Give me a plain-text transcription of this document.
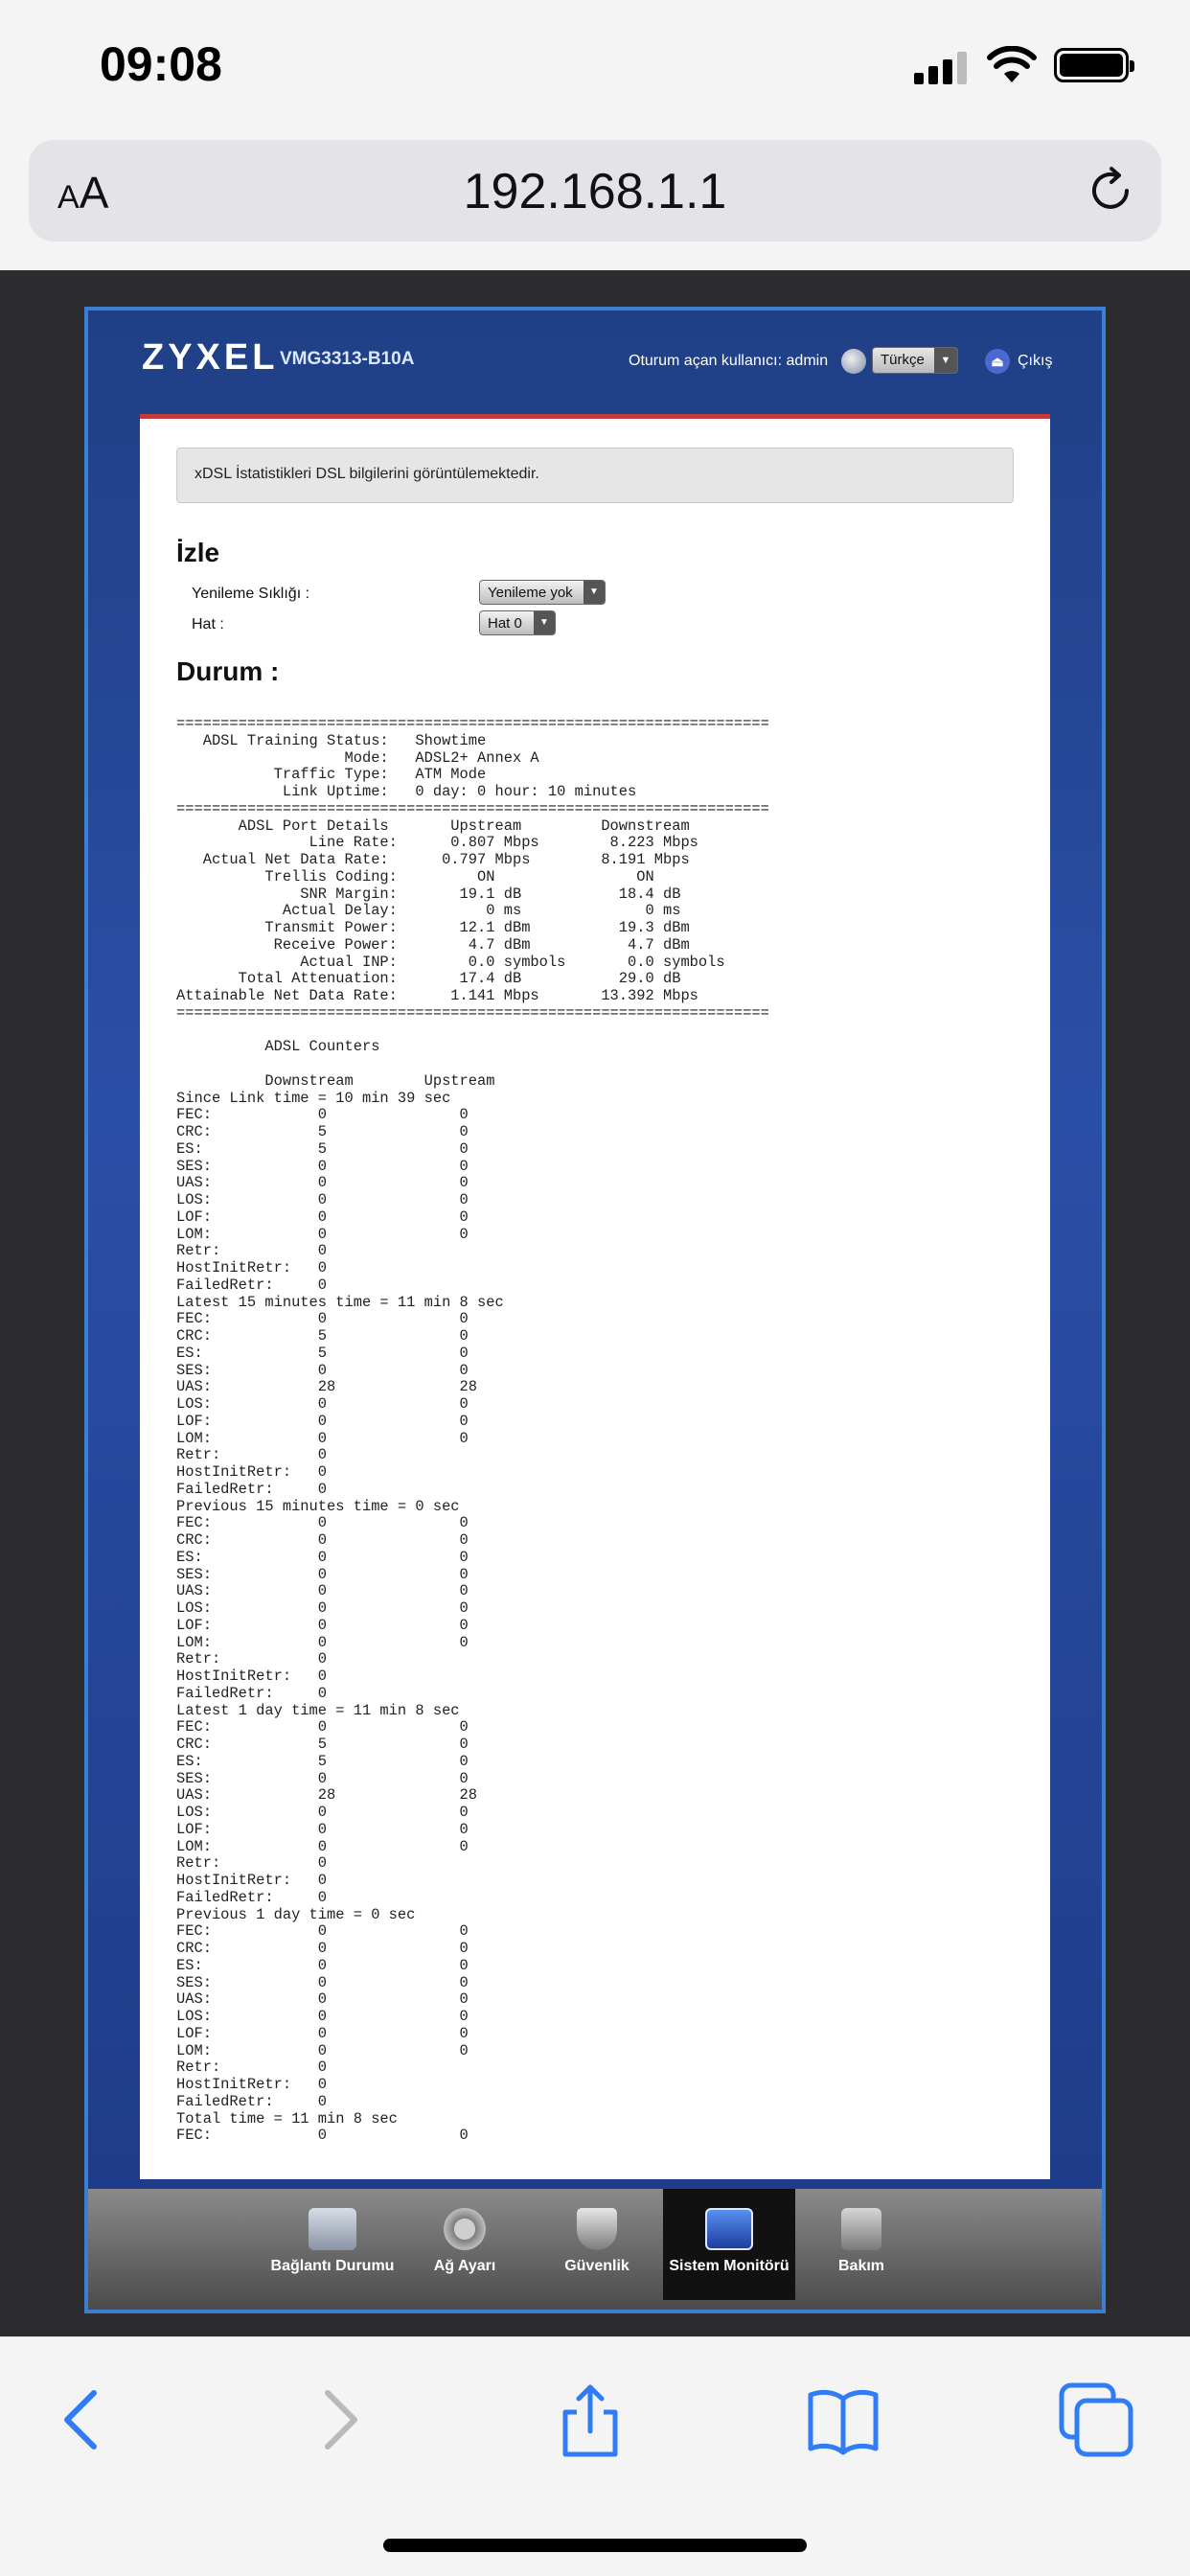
09:08
AA	192.168.1.1
ZYXEL VMG3313-B10A	Oturum açan kullanıcı: admin	Türkçe	▼	⏏ Çıkış
xDSL İstatistikleri DSL bilgilerini görüntülemektedir.
İzle
Yenileme Sıklığı :	Yenileme yok	▼
Hat :	Hat 0	▼
Durum :
===================================================================
ADSL Training Status:   Showtime
Mode:   ADSL2+ Annex A
Traffic Type:   ATM Mode
Link Uptime:   0 day: 0 hour: 10 minutes
===================================================================
ADSL Port Details       Upstream         Downstream
Line Rate:      0.807 Mbps        8.223 Mbps
Actual Net Data Rate:      0.797 Mbps        8.191 Mbps
Trellis Coding:         ON                ON
SNR Margin:       19.1 dB           18.4 dB
Actual Delay:          0 ms              0 ms
Transmit Power:       12.1 dBm          19.3 dBm
Receive Power:        4.7 dBm           4.7 dBm
Actual INP:        0.0 symbols       0.0 symbols
Total Attenuation:       17.4 dB           29.0 dB
Attainable Net Data Rate:      1.141 Mbps       13.392 Mbps
===================================================================

ADSL Counters

Downstream        Upstream
Since Link time = 10 min 39 sec
FEC:            0               0
CRC:            5               0
ES:             5               0
SES:            0               0
UAS:            0               0
LOS:            0               0
LOF:            0               0
LOM:            0               0
Retr:           0
HostInitRetr:   0
FailedRetr:     0
Latest 15 minutes time = 11 min 8 sec
FEC:            0               0
CRC:            5               0
ES:             5               0
SES:            0               0
UAS:            28              28
LOS:            0               0
LOF:            0               0
LOM:            0               0
Retr:           0
HostInitRetr:   0
FailedRetr:     0
Previous 15 minutes time = 0 sec
FEC:            0               0
CRC:            0               0
ES:             0               0
SES:            0               0
UAS:            0               0
LOS:            0               0
LOF:            0               0
LOM:            0               0
Retr:           0
HostInitRetr:   0
FailedRetr:     0
Latest 1 day time = 11 min 8 sec
FEC:            0               0
CRC:            5               0
ES:             5               0
SES:            0               0
UAS:            28              28
LOS:            0               0
LOF:            0               0
LOM:            0               0
Retr:           0
HostInitRetr:   0
FailedRetr:     0
Previous 1 day time = 0 sec
FEC:            0               0
CRC:            0               0
ES:             0               0
SES:            0               0
UAS:            0               0
LOS:            0               0
LOF:            0               0
LOM:            0               0
Retr:           0
HostInitRetr:   0
FailedRetr:     0
Total time = 11 min 8 sec
FEC:            0               0
Bağlantı Durumu	Ağ Ayarı	Güvenlik	Sistem Monitörü	Bakım
